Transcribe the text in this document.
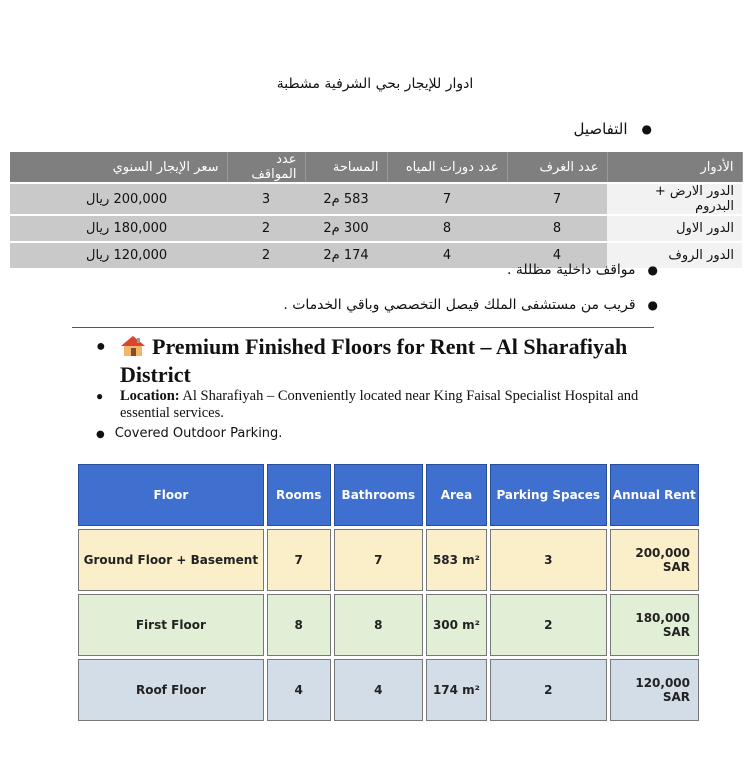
ادوار للإيجار بحي الشرفية مشطبة
●
التفاصيل
الأدوار	عدد الغرف	عدد دورات المياه	المساحة	عدد المواقف	سعر الإيجار السنوي
الدور الارض + البدروم	7	7	583 م2	3	200,000 ريال
الدور الاول	8	8	300 م2	2	180,000 ريال
الدور الروف	4	4	174 م2	2	120,000 ريال
●
مواقف داخلية مظللة .
●
قريب من مستشفى الملك فيصل التخصصي وباقي الخدمات .
●	Premium Finished Floors for Rent – Al Sharafiyah
District
●	Location: Al Sharafiyah – Conveniently located near King Faisal Specialist Hospital and essential services.
● Covered Outdoor Parking.
Floor	Rooms	Bathrooms	Area	Parking Spaces	Annual Rent
Ground Floor + Basement	7	7	583 m²	3	200,000 SAR
First Floor	8	8	300 m²	2	180,000 SAR
Roof Floor	4	4	174 m²	2	120,000 SAR
